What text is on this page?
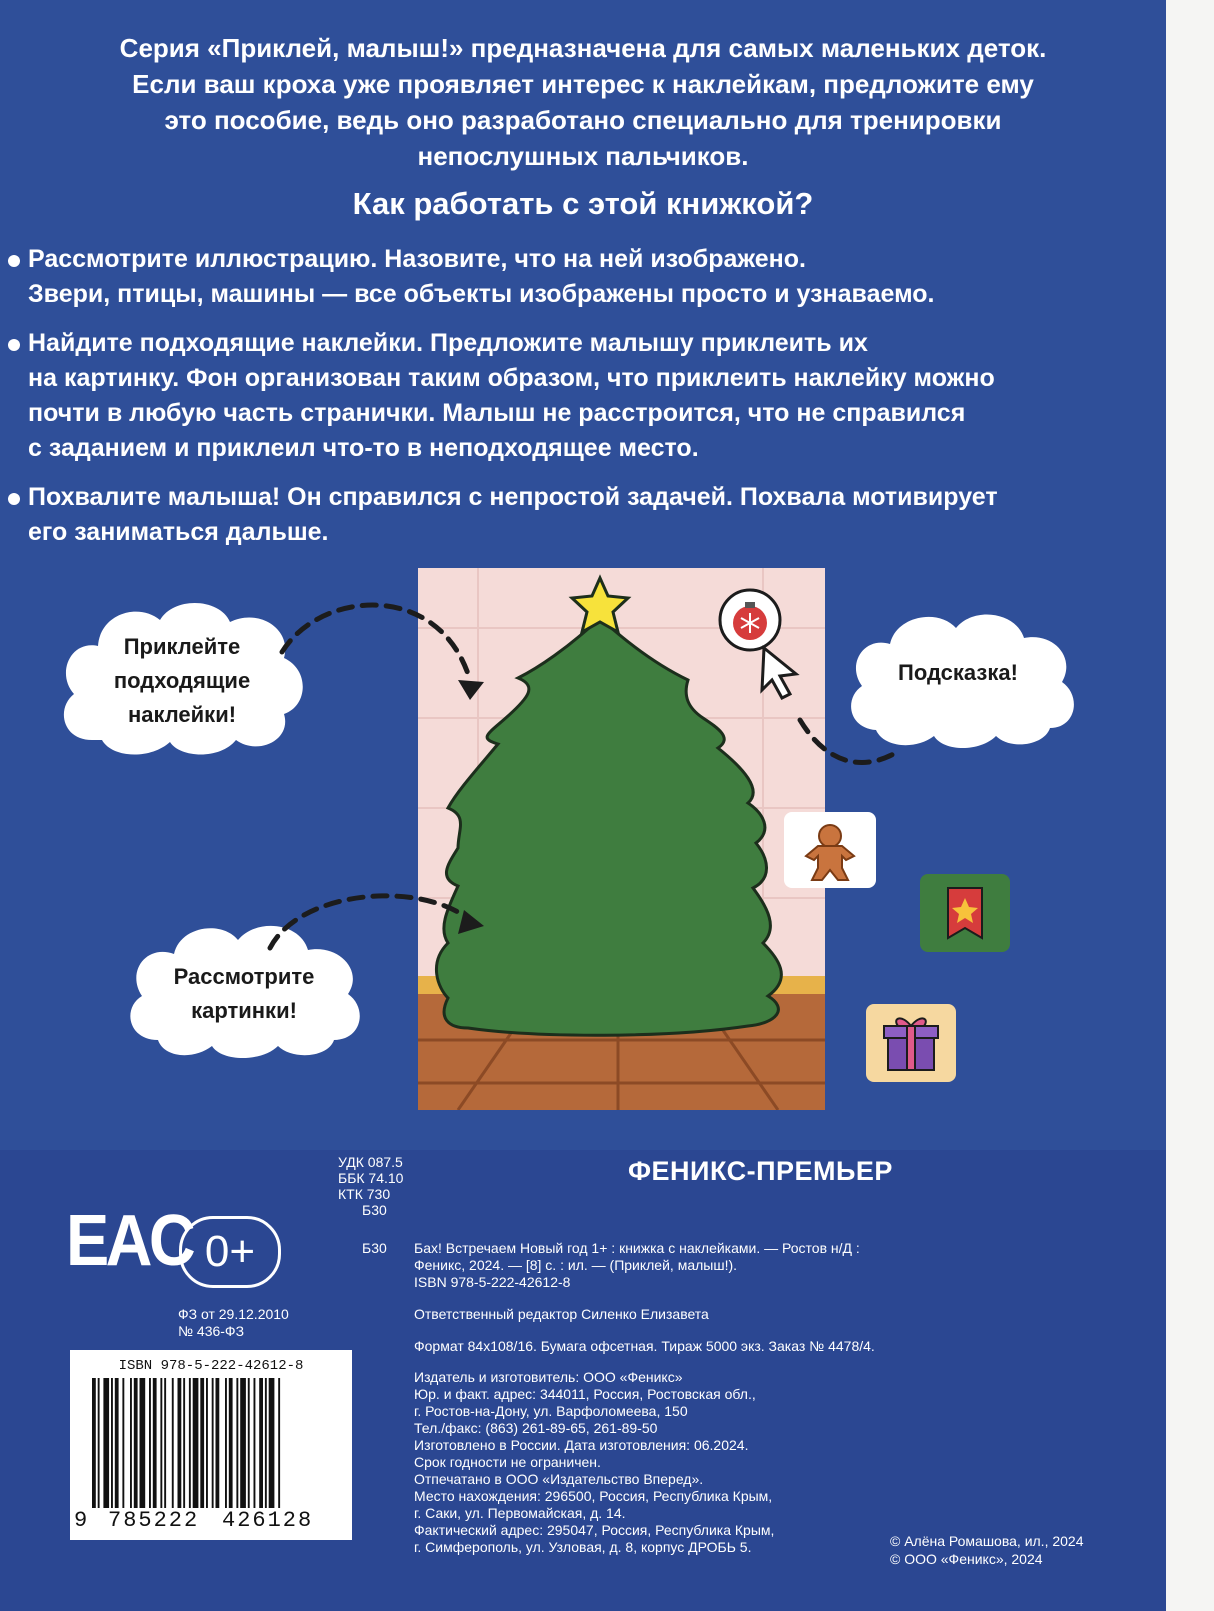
Серия «Приклей, малыш!» предназначена для самых маленьких деток.
Если ваш кроха уже проявляет интерес к наклейкам, предложите ему
это пособие, ведь оно разработано специально для тренировки
непослушных пальчиков.
Как работать с этой книжкой?
Рассмотрите иллюстрацию. Назовите, что на ней изображено.
Звери, птицы, машины — все объекты изображены просто и узнаваемо.
Найдите подходящие наклейки. Предложите малышу приклеить их
на картинку. Фон организован таким образом, что приклеить наклейку можно
почти в любую часть странички. Малыш не расстроится, что не справился
с заданием и приклеил что-то в неподходящее место.
Похвалите малыша! Он справился с непростой задачей. Похвала мотивирует
его заниматься дальше.
Приклейте
подходящие
наклейки!
Подсказка!
Рассмотрите
картинки!
УДК 087.5
ББК 74.10
КТК 730
Б30
ФЕНИКС-ПРЕМЬЕР
EAC 0+
ФЗ от 29.12.2010
№ 436-ФЗ
Б30 Бах! Встречаем Новый год 1+ : книжка с наклейками. — Ростов н/Д :
Феникс, 2024. — [8] с. : ил. — (Приклей, малыш!).
ISBN 978-5-222-42612-8
Ответственный редактор Силенко Елизавета
Формат 84x108/16. Бумага офсетная. Тираж 5000 экз. Заказ № 4478/4.
Издатель и изготовитель: ООО «Феникс»
Юр. и факт. адрес: 344011, Россия, Ростовская обл.,
г. Ростов-на-Дону, ул. Варфоломеева, 150
Тел./факс: (863) 261-89-65, 261-89-50
Изготовлено в России. Дата изготовления: 06.2024.
Срок годности не ограничен.
Отпечатано в ООО «Издательство Вперед».
Место нахождения: 296500, Россия, Республика Крым,
г. Саки, ул. Первомайская, д. 14.
Фактический адрес: 295047, Россия, Республика Крым,
г. Симферополь, ул. Узловая, д. 8, корпус ДРОБЬ 5.
ISBN 978-5-222-42612-8
9 785222 426128
© Алёна Ромашова, ил., 2024
© ООО «Феникс», 2024
